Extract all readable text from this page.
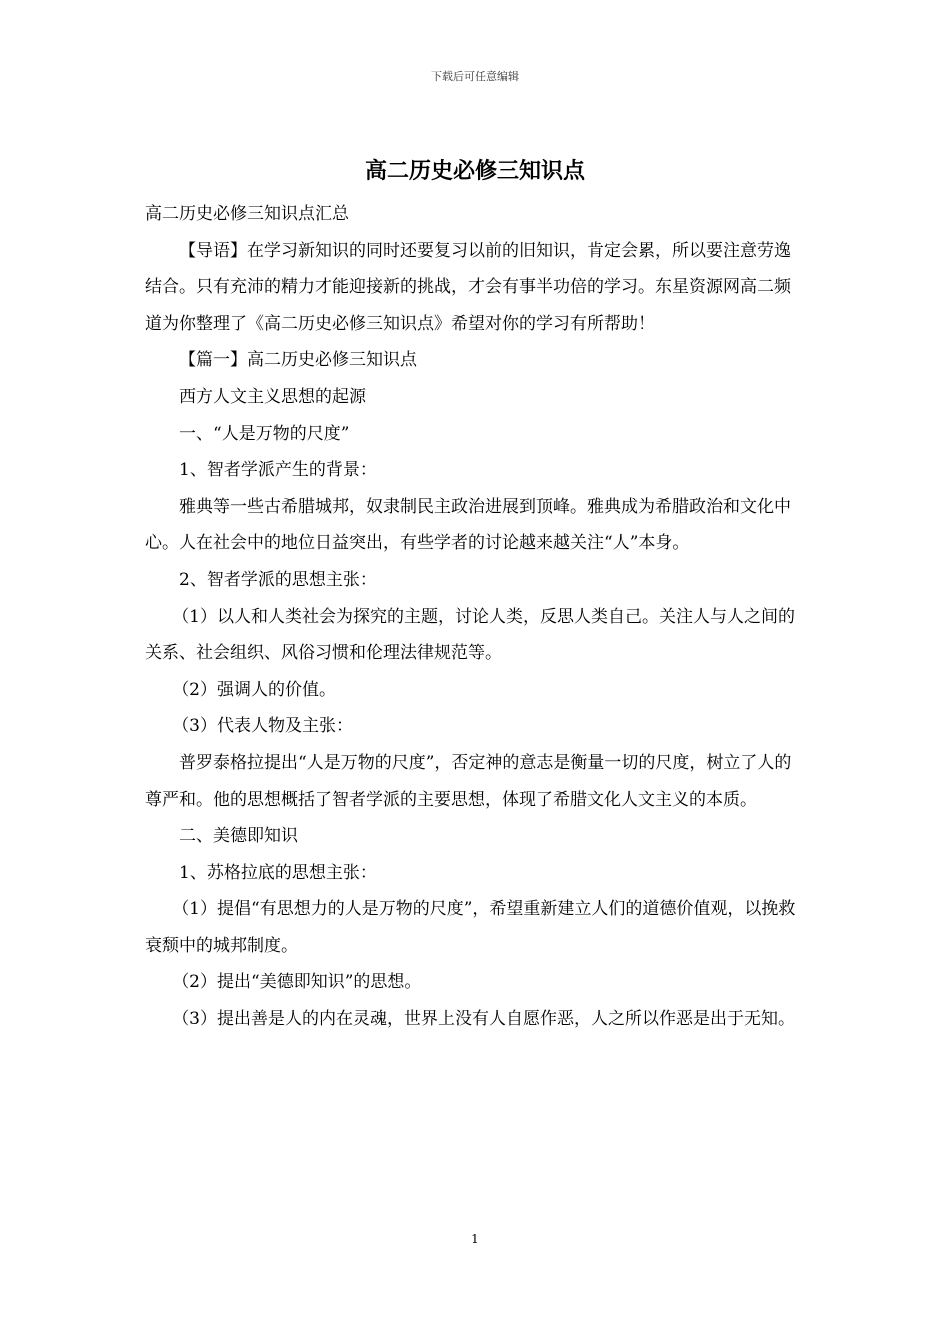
下载后可任意编辑
高二历史必修三知识点

高二历史必修三知识点汇总

【导语】在学习新知识的同时还要复习以前的旧知识，肯定会累，所以要注意劳逸结合。只有充沛的精力才能迎接新的挑战，才会有事半功倍的学习。东星资源网高二频道为你整理了《高二历史必修三知识点》希望对你的学习有所帮助！

【篇一】高二历史必修三知识点

西方人文主义思想的起源

一、“人是万物的尺度”

1、智者学派产生的背景：

雅典等一些古希腊城邦，奴隶制民主政治进展到顶峰。雅典成为希腊政治和文化中心。人在社会中的地位日益突出，有些学者的讨论越来越关注“人”本身。

2、智者学派的思想主张：

（1）以人和人类社会为探究的主题，讨论人类，反思人类自己。关注人与人之间的关系、社会组织、风俗习惯和伦理法律规范等。

（2）强调人的价值。

（3）代表人物及主张：

普罗泰格拉提出“人是万物的尺度”，否定神的意志是衡量一切的尺度，树立了人的尊严和。他的思想概括了智者学派的主要思想，体现了希腊文化人文主义的本质。

二、美德即知识

1、苏格拉底的思想主张：

（1）提倡“有思想力的人是万物的尺度”，希望重新建立人们的道德价值观，以挽救衰颓中的城邦制度。

（2）提出“美德即知识”的思想。

（3）提出善是人的内在灵魂，世界上没有人自愿作恶，人之所以作恶是出于无知。

1
